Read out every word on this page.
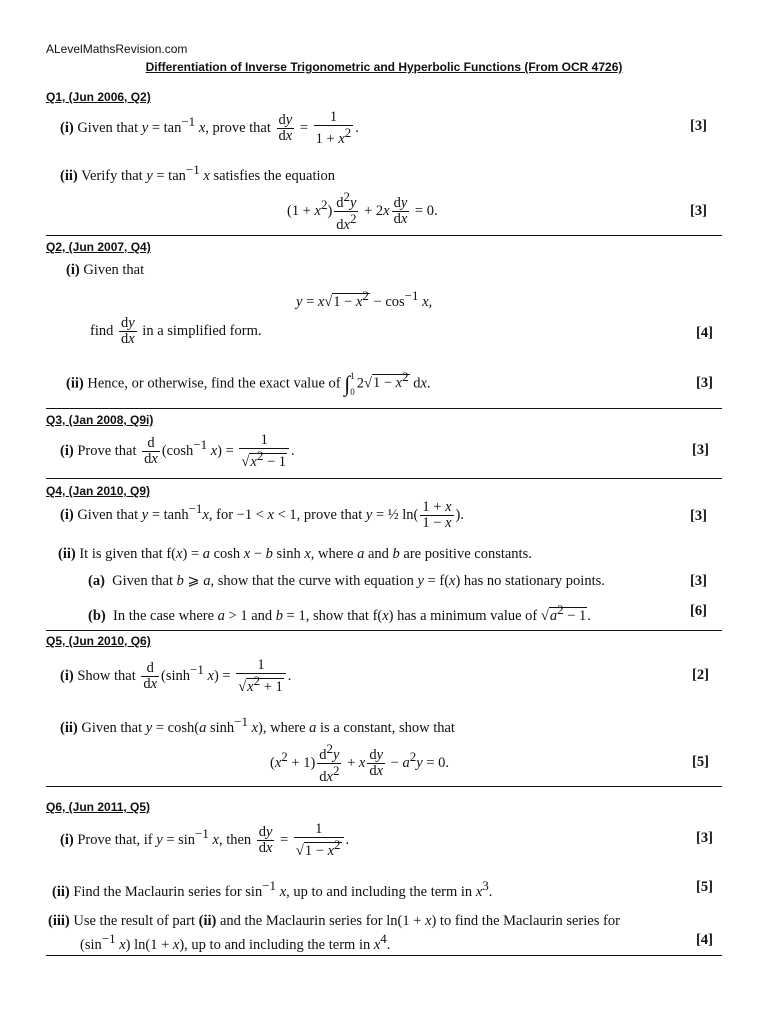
ALevelMathsRevision.com
Differentiation of Inverse Trigonometric and Hyperbolic Functions (From OCR 4726)
Q1, (Jun 2006, Q2)
(i) Given that $y = \tan^{-1} x$, prove that $\frac{dy}{dx} = \frac{1}{1 + x^2}$ .	[3]
(ii) Verify that $y = \tan^{-1} x$ satisfies the equation
$(1 + x^2) \frac{d^2y}{dx^2} + 2x \frac{dy}{dx} = 0$.	[3]
Q2, (Jun 2007, Q4)
(i) Given that
$y = x√1 - x^2 - \cos^{-1} x$,
find $\frac{dy}{dx}$ in a simplified form.	[4]
(ii) Hence, or otherwise, find the exact value of ∫1
$02√1 - x^2$ dx.	[3]
Q3, (Jan 2008, Q9i)
(i) Prove that $\frac{d}{dx} (\cosh^{-1}$ $x) = \frac{1}{√x^2 - 1}$ .	[3]
Q4, (Jan 2010, Q9)
(i) Given that $y = \tanh^{-1}x$, for −1 < x < 1, prove that y = ½ $\ln( \frac{1 + x}{1 - x}$ ).	[3]
(ii) It is given that f(x) = a cosh x − b sinh x, where a and b are positive constants.
(a)  Given that b ⩾ a, show that the curve with equation y = f(x) has no stationary points.	[3]
(b)  In the case where a > 1 and b = 1, show that f(x) has a minimum value of $√a^2 - 1$.	[6]
Q5, (Jun 2010, Q6)
(i) Show that $\frac{d}{dx} (\sinh^{-1}$ $x) = \frac{1}{√x^2 + 1}$ .	[2]
(ii) Given that y = cosh(a $\sinh^{-1} x$), where a is a constant, show that
$(x^2 + 1) \frac{d^2y}{dx^2} + x \frac{dy}{dx} - a^2y = 0$.	[5]
Q6, (Jun 2011, Q5)
(i) Prove that, if $y = \sin^{-1} x$, then $\frac{dy}{dx} = \frac{1}{√1 - x^2}$ .	[3]
(ii) Find the Maclaurin series for $\sin^{-1} x$, up to and including the term in $x^3$.	[5]
(iii) Use the result of part (ii) and the Maclaurin series for ln(1 + x) to find the Maclaurin series for
($\sin^{-1}$ x) ln(1 + x), up to and including the term in $x^4$.	[4]
